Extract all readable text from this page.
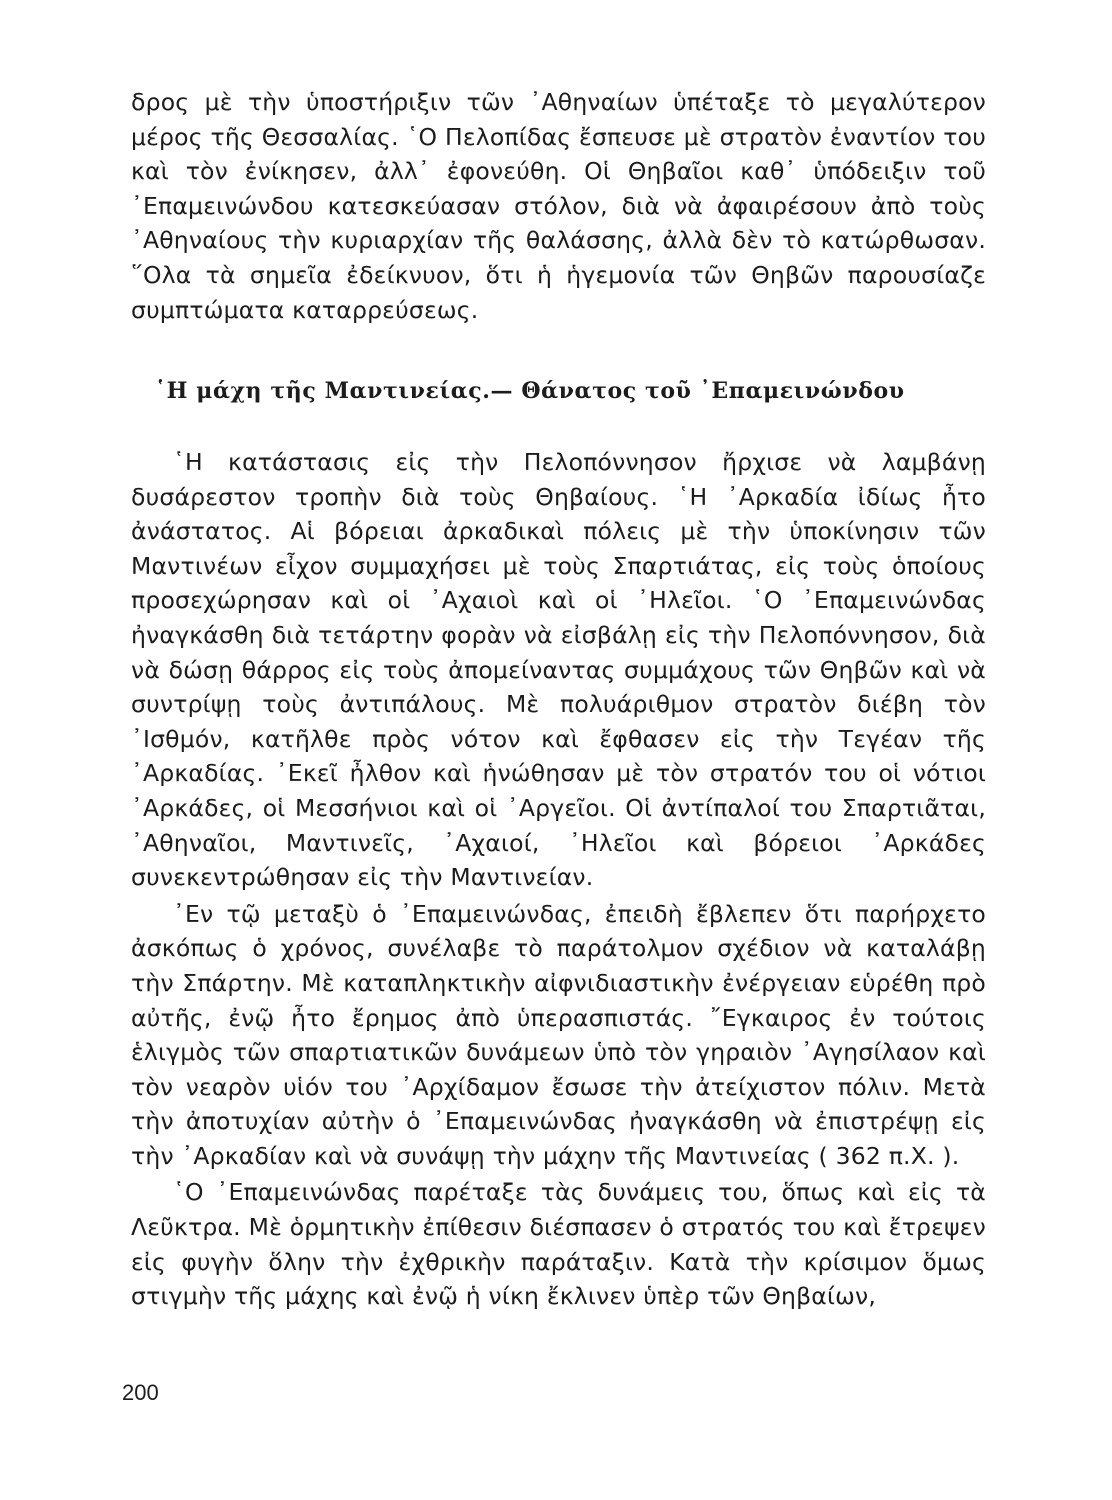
δρος μὲ τὴν ὑποστήριξιν τῶν ᾿Αθηναίων ὑπέταξε τὸ μεγαλύτερον μέρος τῆς Θεσσαλίας. ῾Ο Πελοπίδας ἔσπευσε μὲ στρατὸν ἐναντίον του καὶ τὸν ἐνίκησεν, ἀλλ᾿ ἐφονεύθη. Οἱ Θηβαῖοι καθ᾿ ὑπόδειξιν τοῦ ᾿Επαμεινώνδου κατεσκεύασαν στόλον, διὰ νὰ ἀφαιρέσουν ἀπὸ τοὺς ᾿Αθηναίους τὴν κυριαρχίαν τῆς θαλάσσης, ἀλλὰ δὲν τὸ κατώρθωσαν. ῞Ολα τὰ σημεῖα ἐδείκνυον, ὅτι ἡ ἡγεμονία τῶν Θηβῶν παρουσίαζε συμπτώματα καταρρεύσεως.

῾Η μάχη τῆς Μαντινείας.— Θάνατος τοῦ ᾿Επαμεινώνδου

῾Η κατάστασις εἰς τὴν Πελοπόννησον ἤρχισε νὰ λαμβάνῃ δυσάρεστον τροπὴν διὰ τοὺς Θηβαίους. ῾Η ᾿Αρκαδία ἰδίως ἦτο ἀνάστατος. Αἱ βόρειαι ἀρκαδικαὶ πόλεις μὲ τὴν ὑποκίνησιν τῶν Μαντινέων εἶχον συμμαχήσει μὲ τοὺς Σπαρτιάτας, εἰς τοὺς ὁποίους προσεχώρησαν καὶ οἱ ᾿Αχαιοὶ καὶ οἱ ᾿Ηλεῖοι. ῾Ο ᾿Επαμεινώνδας ἠναγκάσθη διὰ τετάρτην φορὰν νὰ εἰσβάλῃ εἰς τὴν Πελοπόννησον, διὰ νὰ δώσῃ θάρρος εἰς τοὺς ἀπομείναντας συμμάχους τῶν Θηβῶν καὶ νὰ συντρίψῃ τοὺς ἀντιπάλους. Μὲ πολυάριθμον στρατὸν διέβη τὸν ᾿Ισθμόν, κατῆλθε πρὸς νότον καὶ ἔφθασεν εἰς τὴν Τεγέαν τῆς ᾿Αρκαδίας. ᾿Εκεῖ ἦλθον καὶ ἡνώθησαν μὲ τὸν στρατόν του οἱ νότιοι ᾿Αρκάδες, οἱ Μεσσήνιοι καὶ οἱ ᾿Αργεῖοι. Οἱ ἀντίπαλοί του Σπαρτιᾶται, ᾿Αθηναῖοι, Μαντινεῖς, ᾿Αχαιοί, ᾿Ηλεῖοι καὶ βόρειοι ᾿Αρκάδες συνεκεντρώθησαν εἰς τὴν Μαντινείαν.

᾿Εν τῷ μεταξὺ ὁ ᾿Επαμεινώνδας, ἐπειδὴ ἔβλεπεν ὅτι παρήρχετο ἀσκόπως ὁ χρόνος, συνέλαβε τὸ παράτολμον σχέδιον νὰ καταλάβῃ τὴν Σπάρτην. Μὲ καταπληκτικὴν αἰφνιδιαστικὴν ἐνέργειαν εὑρέθη πρὸ αὐτῆς, ἐνῷ ἦτο ἔρημος ἀπὸ ὑπερασπιστάς. ῎Εγκαιρος ἐν τούτοις ἑλιγμὸς τῶν σπαρτιατικῶν δυνάμεων ὑπὸ τὸν γηραιὸν ᾿Αγησίλαον καὶ τὸν νεαρὸν υἱόν του ᾿Αρχίδαμον ἔσωσε τὴν ἀτείχιστον πόλιν. Μετὰ τὴν ἀποτυχίαν αὐτὴν ὁ ᾿Επαμεινώνδας ἠναγκάσθη νὰ ἐπιστρέψῃ εἰς τὴν ᾿Αρκαδίαν καὶ νὰ συνάψῃ τὴν μάχην τῆς Μαντινείας ( 362 π.Χ. ).

῾Ο ᾿Επαμεινώνδας παρέταξε τὰς δυνάμεις του, ὅπως καὶ εἰς τὰ Λεῦκτρα. Μὲ ὁρμητικὴν ἐπίθεσιν διέσπασεν ὁ στρατός του καὶ ἔτρεψεν εἰς φυγὴν ὅλην τὴν ἐχθρικὴν παράταξιν. Κατὰ τὴν κρίσιμον ὅμως στιγμὴν τῆς μάχης καὶ ἐνῷ ἡ νίκη ἔκλινεν ὑπὲρ τῶν Θηβαίων,

200
